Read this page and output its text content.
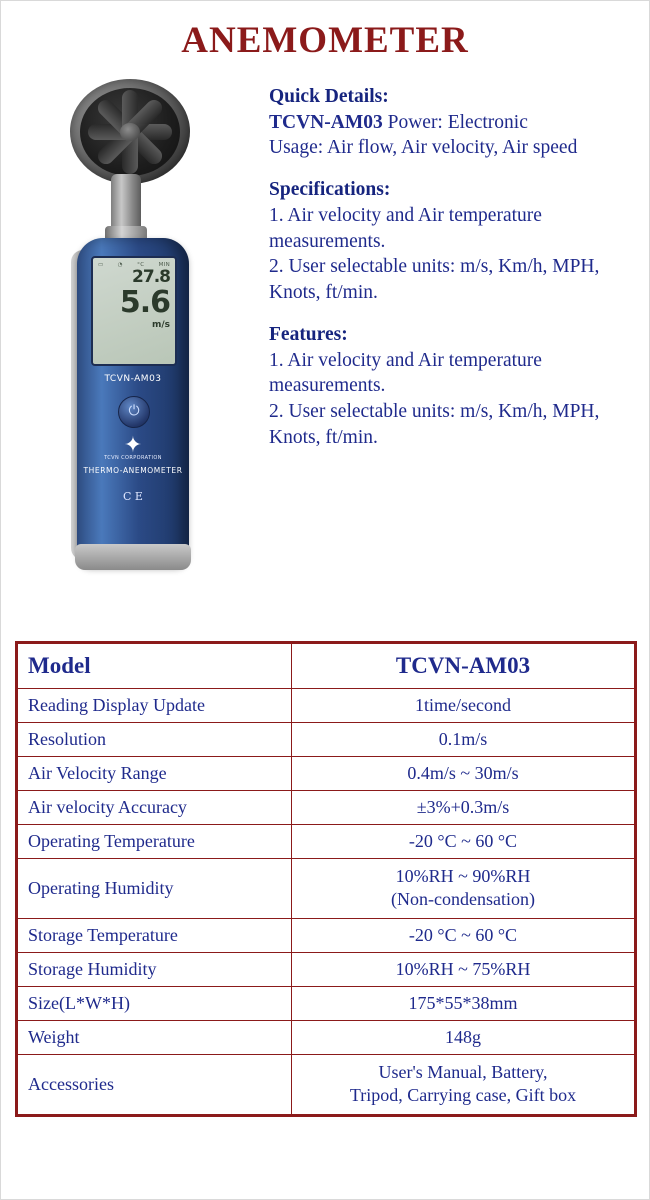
ANEMOMETER
▭	◔	°C	MIN
27.8
5.6
m/s
TCVN-AM03
⏻
✦
TCVN CORPORATION
THERMO-ANEMOMETER
C E
Quick Details:
TCVN-AM03 Power: Electronic
Usage: Air flow, Air velocity, Air speed
Specifications:
1. Air velocity and Air temperature measurements.
2. User selectable units: m/s, Km/h, MPH, Knots, ft/min.
Features:
1. Air velocity and Air temperature measurements.
2. User selectable units: m/s, Km/h, MPH, Knots, ft/min.
Model	TCVN-AM03
Reading Display Update	1time/second
Resolution	0.1m/s
Air Velocity Range	0.4m/s ~ 30m/s
Air velocity Accuracy	±3%+0.3m/s
Operating Temperature	-20 °C ~ 60 °C
Operating Humidity	10%RH ~ 90%RH
(Non-condensation)

Storage Temperature	-20 °C ~ 60 °C
Storage Humidity	10%RH ~ 75%RH
Size(L*W*H)	175*55*38mm
Weight	148g
Accessories	User's Manual, Battery,
Tripod, Carrying case, Gift box
